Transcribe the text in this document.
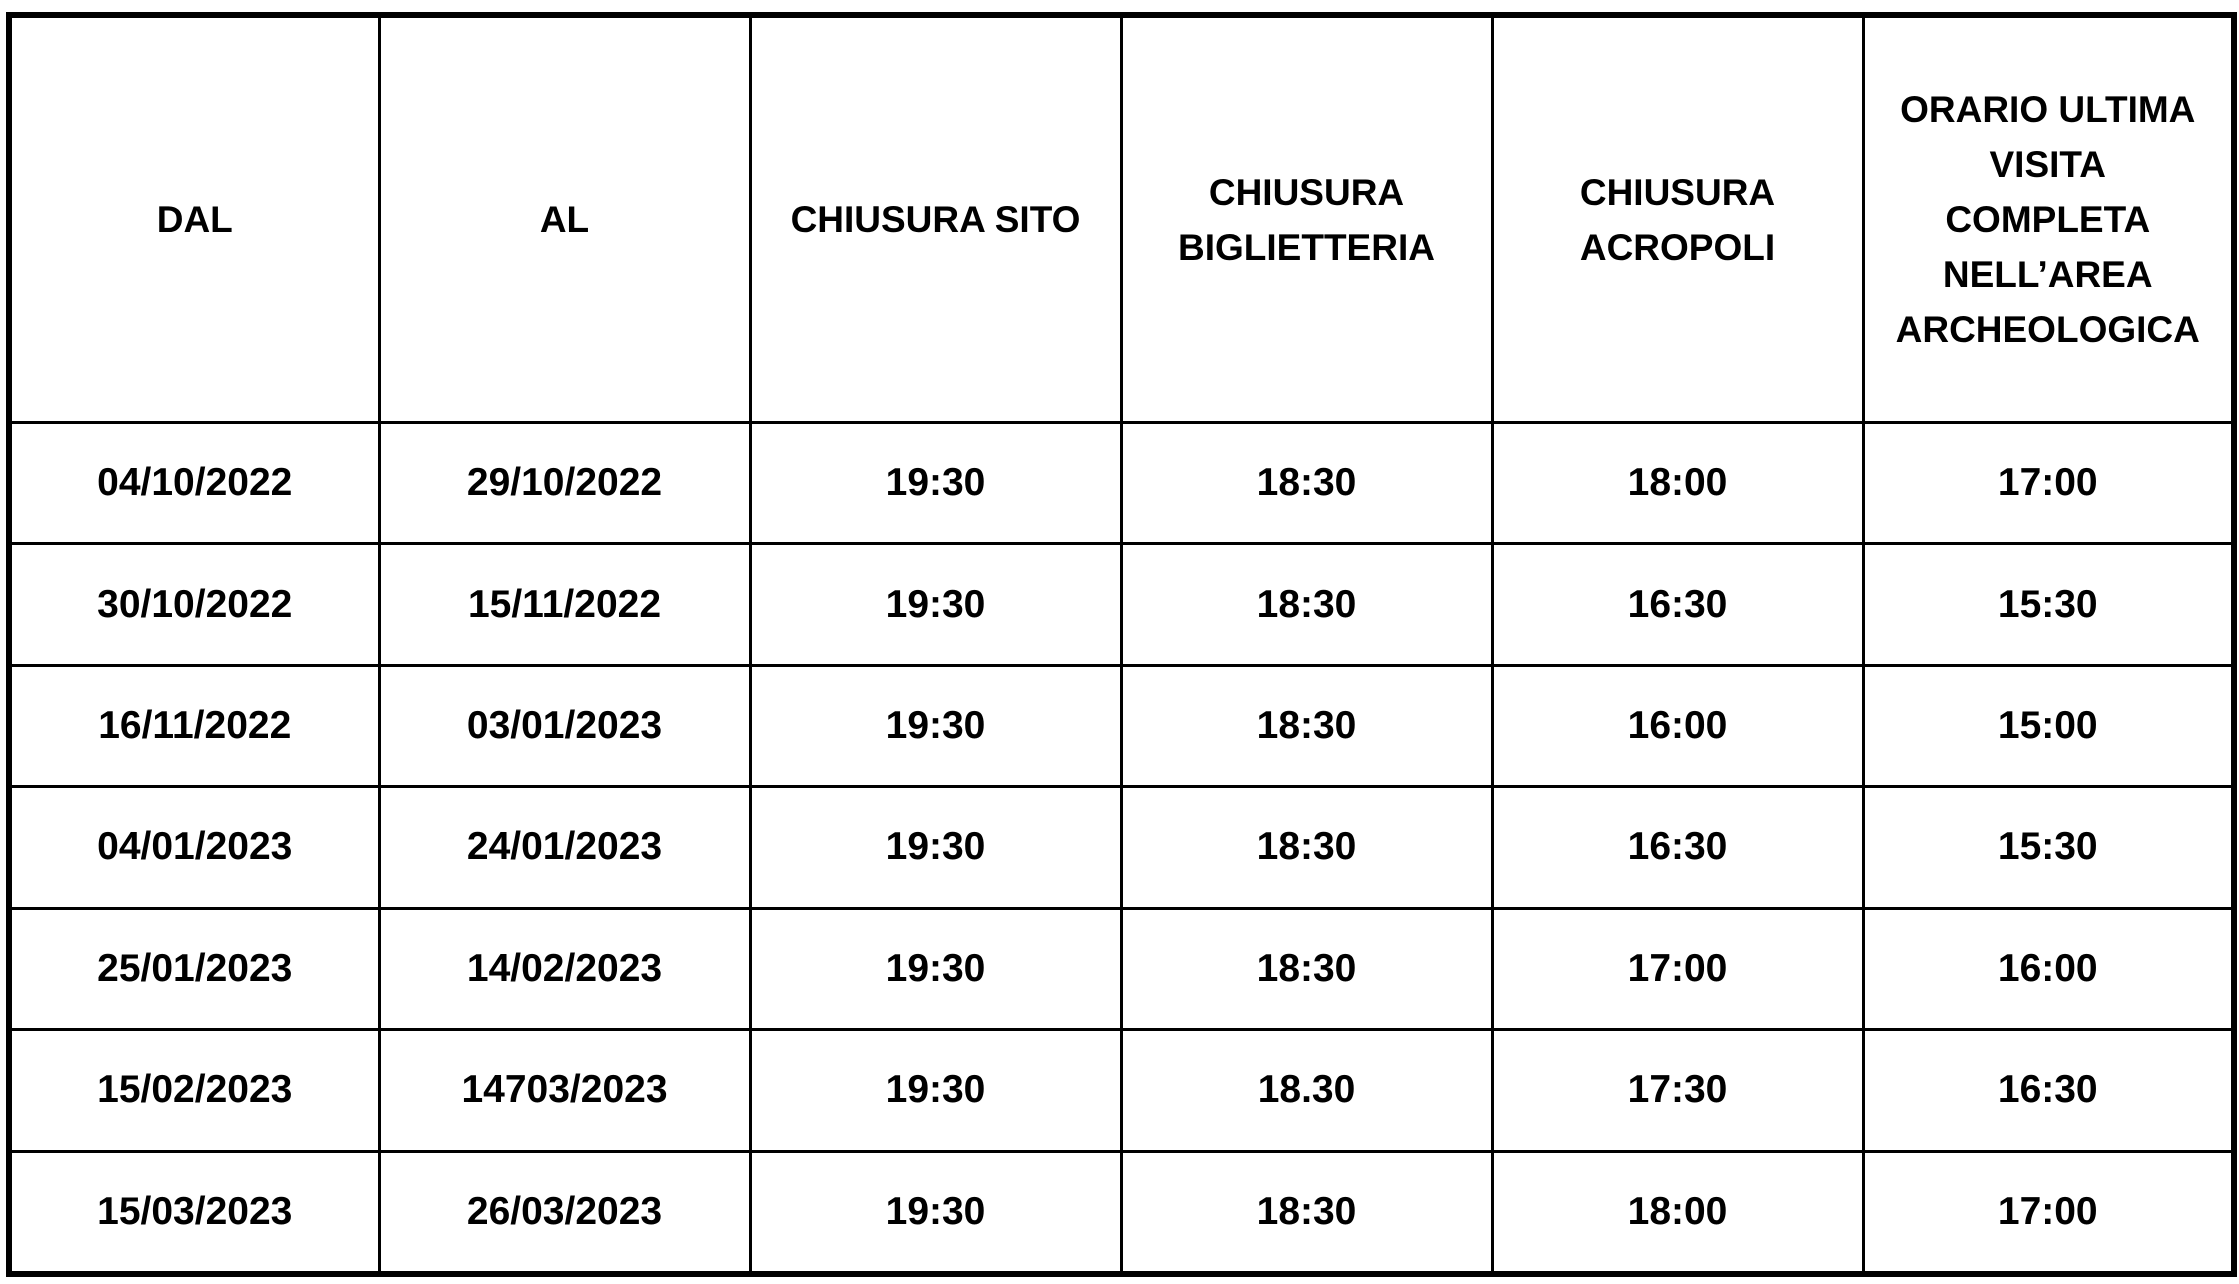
DAL	AL	CHIUSURA SITO	CHIUSURA BIGLIETTERIA	CHIUSURA ACROPOLI	ORARIO ULTIMA VISITA COMPLETA NELL’AREA ARCHEOLOGICA
04/10/2022	29/10/2022	19:30	18:30	18:00	17:00
30/10/2022	15/11/2022	19:30	18:30	16:30	15:30
16/11/2022	03/01/2023	19:30	18:30	16:00	15:00
04/01/2023	24/01/2023	19:30	18:30	16:30	15:30
25/01/2023	14/02/2023	19:30	18:30	17:00	16:00
15/02/2023	14703/2023	19:30	18.30	17:30	16:30
15/03/2023	26/03/2023	19:30	18:30	18:00	17:00
